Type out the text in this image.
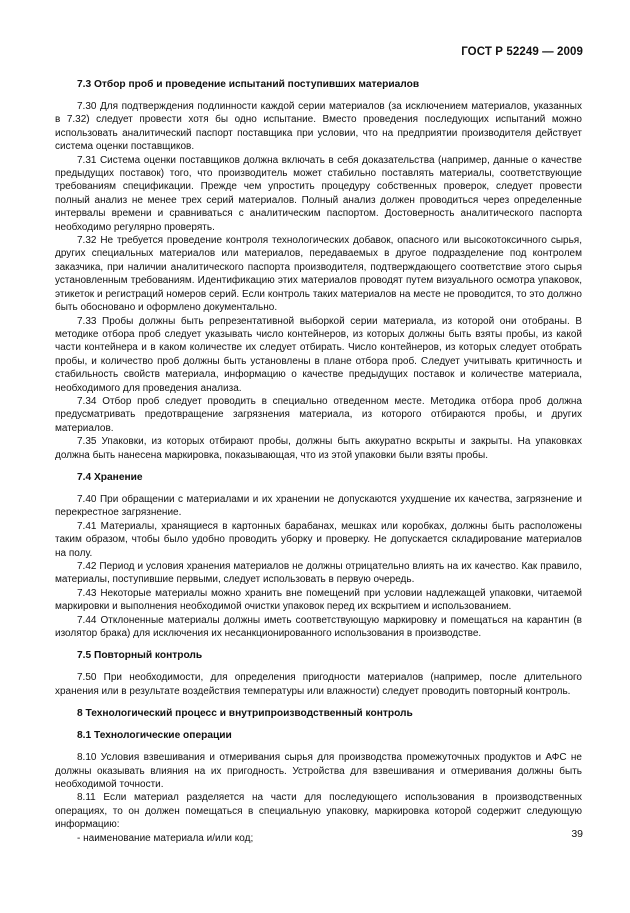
ГОСТ Р 52249 — 2009
7.3 Отбор проб и проведение испытаний поступивших материалов

7.30 Для подтверждения подлинности каждой серии материалов (за исключением материалов, указанных в 7.32) следует провести хотя бы одно испытание. Вместо проведения последующих испытаний можно использовать аналитический паспорт поставщика при условии, что на предприятии производителя действует система оценки поставщиков.

7.31 Система оценки поставщиков должна включать в себя доказательства (например, данные о качестве предыдущих поставок) того, что производитель может стабильно поставлять материалы, соответствующие требованиям спецификации. Прежде чем упростить процедуру собственных проверок, следует провести полный анализ не менее трех серий материалов. Полный анализ должен проводиться через определенные интервалы времени и сравниваться с аналитическим паспортом. Достоверность аналитического паспорта необходимо регулярно проверять.

7.32 Не требуется проведение контроля технологических добавок, опасного или высокотоксичного сырья, других специальных материалов или материалов, передаваемых в другое подразделение под контролем заказчика, при наличии аналитического паспорта производителя, подтверждающего соответствие этого сырья установленным требованиям. Идентификацию этих материалов проводят путем визуального осмотра упаковок, этикеток и регистраций номеров серий. Если контроль таких материалов на месте не проводится, то это должно быть обосновано и оформлено документально.

7.33 Пробы должны быть репрезентативной выборкой серии материала, из которой они отобраны. В методике отбора проб следует указывать число контейнеров, из которых должны быть взяты пробы, из какой части контейнера и в каком количестве их следует отбирать. Число контейнеров, из которых следует отобрать пробы, и количество проб должны быть установлены в плане отбора проб. Следует учитывать критичность и стабильность свойств материала, информацию о качестве предыдущих поставок и количестве материала, необходимого для проведения анализа.

7.34 Отбор проб следует проводить в специально отведенном месте. Методика отбора проб должна предусматривать предотвращение загрязнения материала, из которого отбираются пробы, и других материалов.

7.35 Упаковки, из которых отбирают пробы, должны быть аккуратно вскрыты и закрыты. На упаковках должна быть нанесена маркировка, показывающая, что из этой упаковки были взяты пробы.

7.4 Хранение

7.40 При обращении с материалами и их хранении не допускаются ухудшение их качества, загрязнение и перекрестное загрязнение.

7.41 Материалы, хранящиеся в картонных барабанах, мешках или коробках, должны быть расположены таким образом, чтобы было удобно проводить уборку и проверку. Не допускается складирование материалов на полу.

7.42 Период и условия хранения материалов не должны отрицательно влиять на их качество. Как правило, материалы, поступившие первыми, следует использовать в первую очередь.

7.43 Некоторые материалы можно хранить вне помещений при условии надлежащей упаковки, читаемой маркировки и выполнения необходимой очистки упаковок перед их вскрытием и использованием.

7.44 Отклоненные материалы должны иметь соответствующую маркировку и помещаться на карантин (в изолятор брака) для исключения их несанкционированного использования в производстве.

7.5 Повторный контроль

7.50 При необходимости, для определения пригодности материалов (например, после длительного хранения или в результате воздействия температуры или влажности) следует проводить повторный контроль.

8 Технологический процесс и внутрипроизводственный контроль
8.1 Технологические операции

8.10 Условия взвешивания и отмеривания сырья для производства промежуточных продуктов и АФС не должны оказывать влияния на их пригодность. Устройства для взвешивания и отмеривания должны быть необходимой точности.

8.11 Если материал разделяется на части для последующего использования в производственных операциях, то он должен помещаться в специальную упаковку, маркировка которой содержит следующую информацию:

- наименование материала и/или код;	39
